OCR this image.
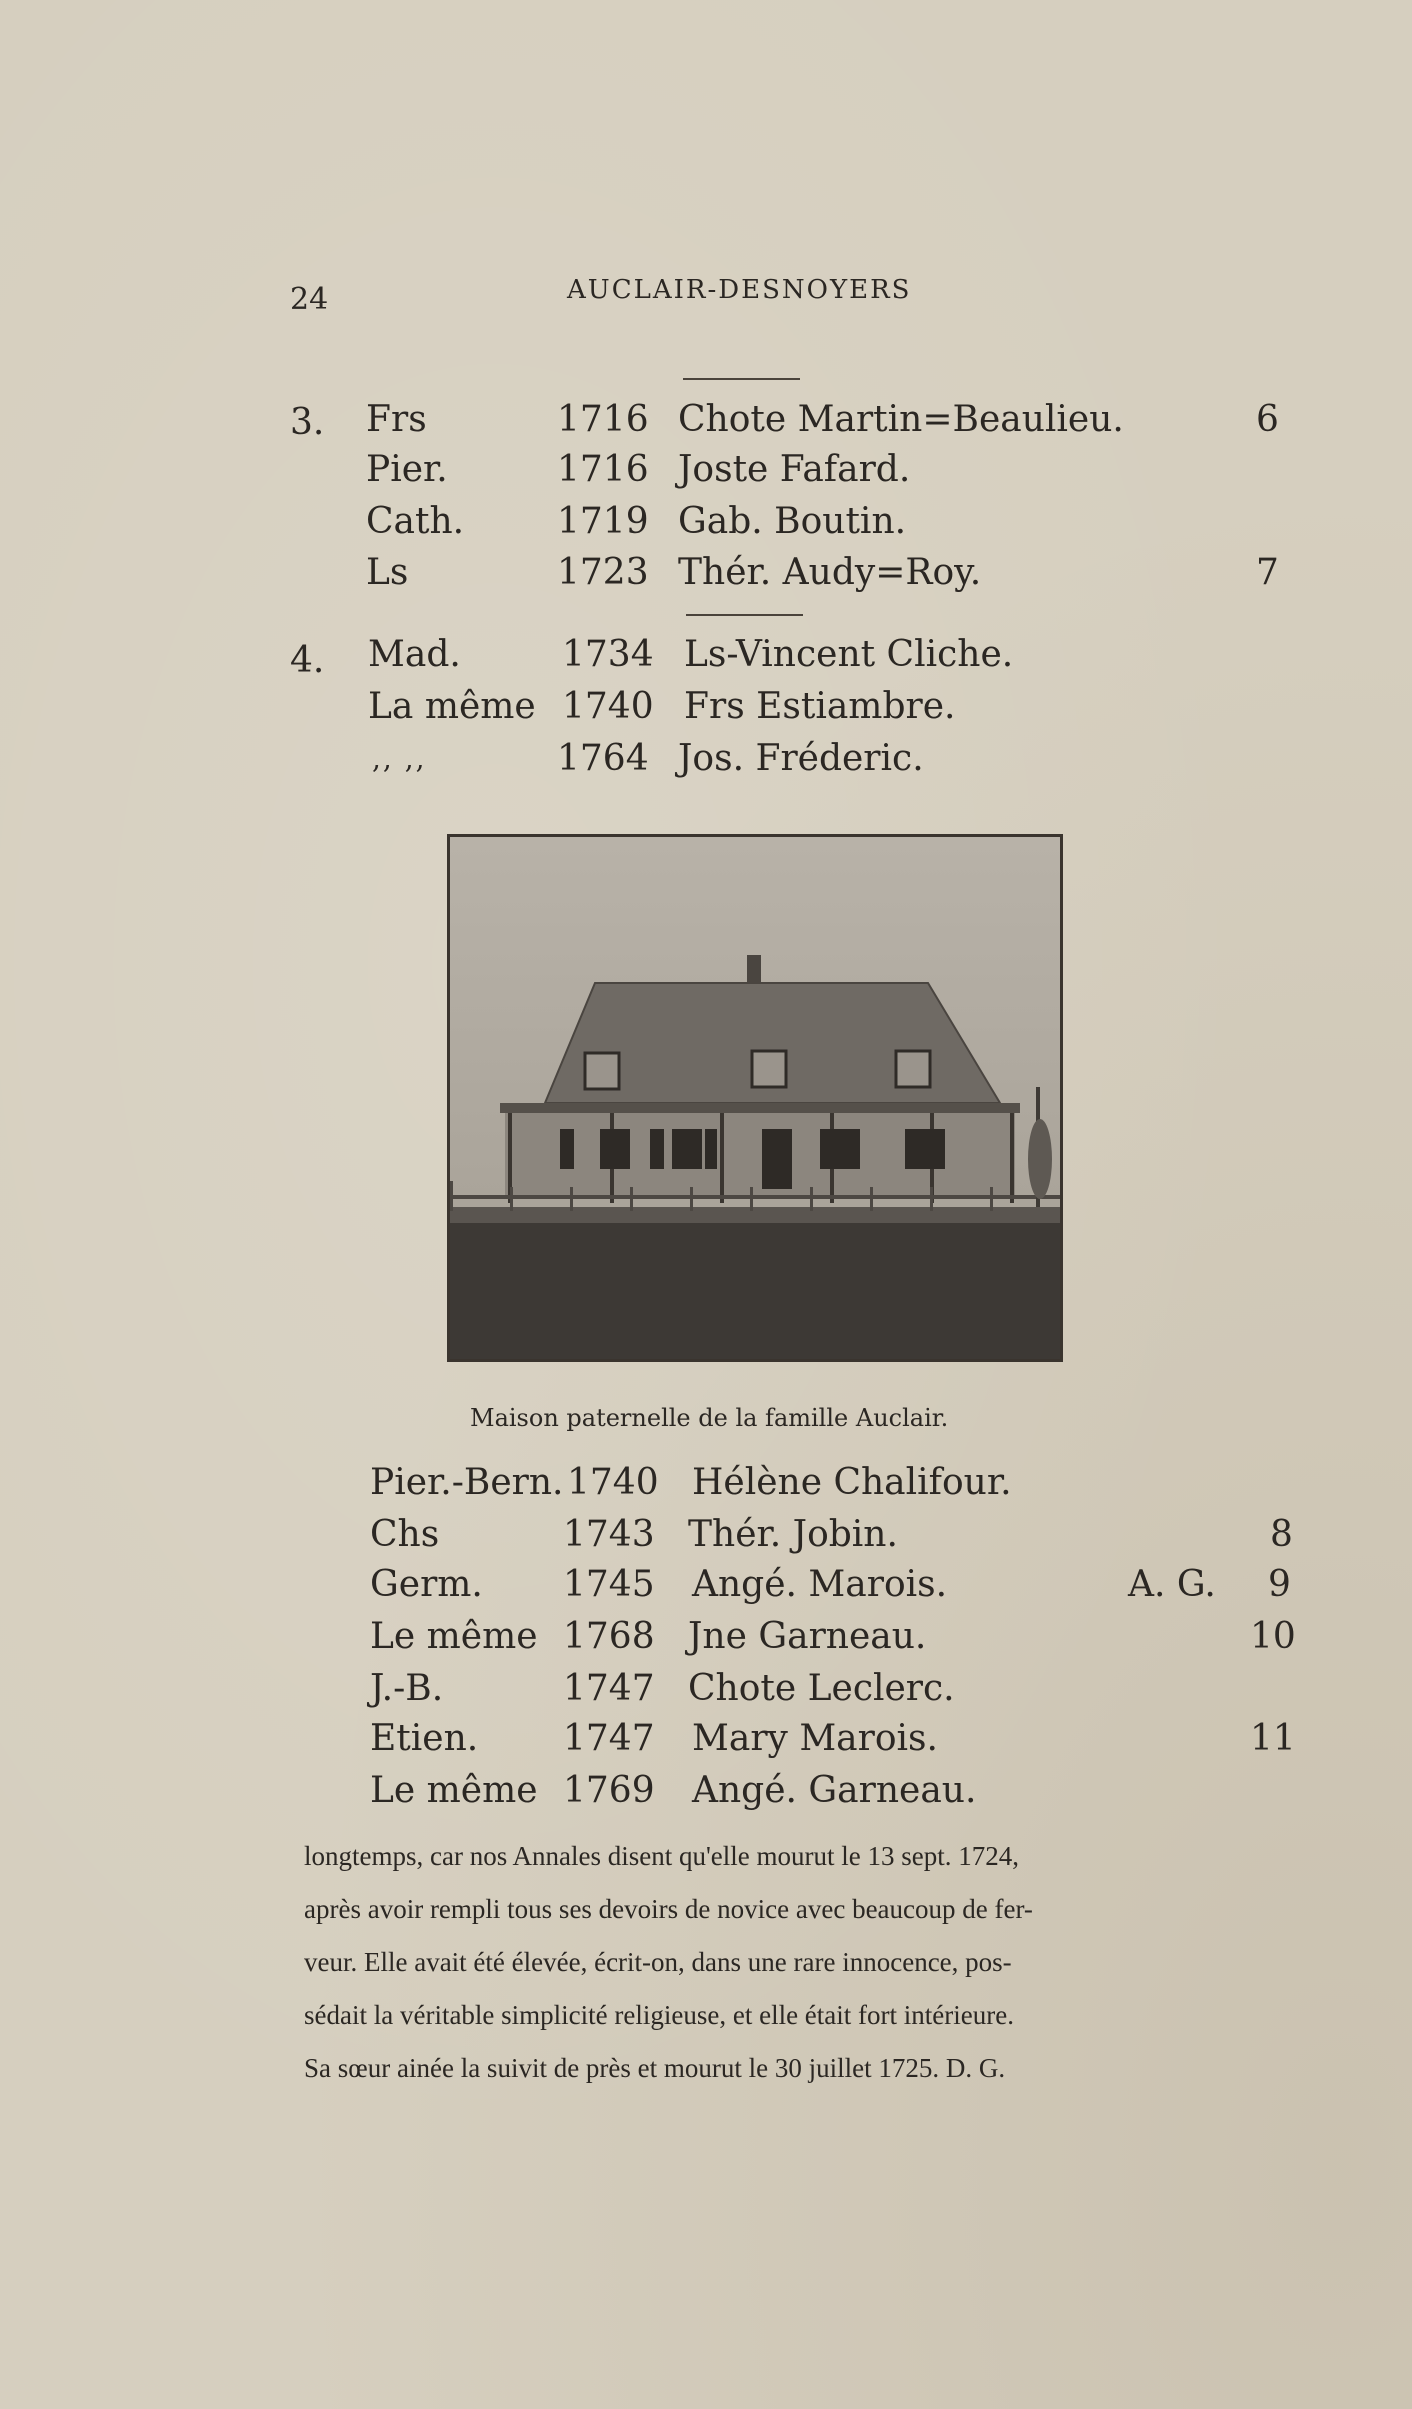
24	AUCLAIR-DESNOYERS
3. Frs	1716 Chote Martin=Beaulieu.	6
Pier.	1716 Joste Fafard.
Cath.	1719 Gab. Boutin.
Ls	1723 Thér. Audy=Roy.	7
4. Mad.	1734 Ls-Vincent Cliche.
La même 1740 Frs Estiambre.
,, ,,	1764 Jos. Fréderic.
Maison paternelle de la famille Auclair.
Pier.-Bern. 1740 Hélène Chalifour.
Chs	1743 Thér. Jobin.	8
Germ. 1745 Angé. Marois.	A. G. 9
Le même 1768 Jne Garneau.	10
J.-B.	1747 Chote Leclerc.
Etien. 1747 Mary Marois.	11
Le même 1769 Angé. Garneau.
longtemps, car nos Annales disent qu'elle mourut le 13 sept. 1724,
après avoir rempli tous ses devoirs de novice avec beaucoup de fer-
veur. Elle avait été élevée, écrit-on, dans une rare innocence, pos-
sédait la véritable simplicité religieuse, et elle était fort intérieure.
Sa sœur ainée la suivit de près et mourut le 30 juillet 1725. D. G.
